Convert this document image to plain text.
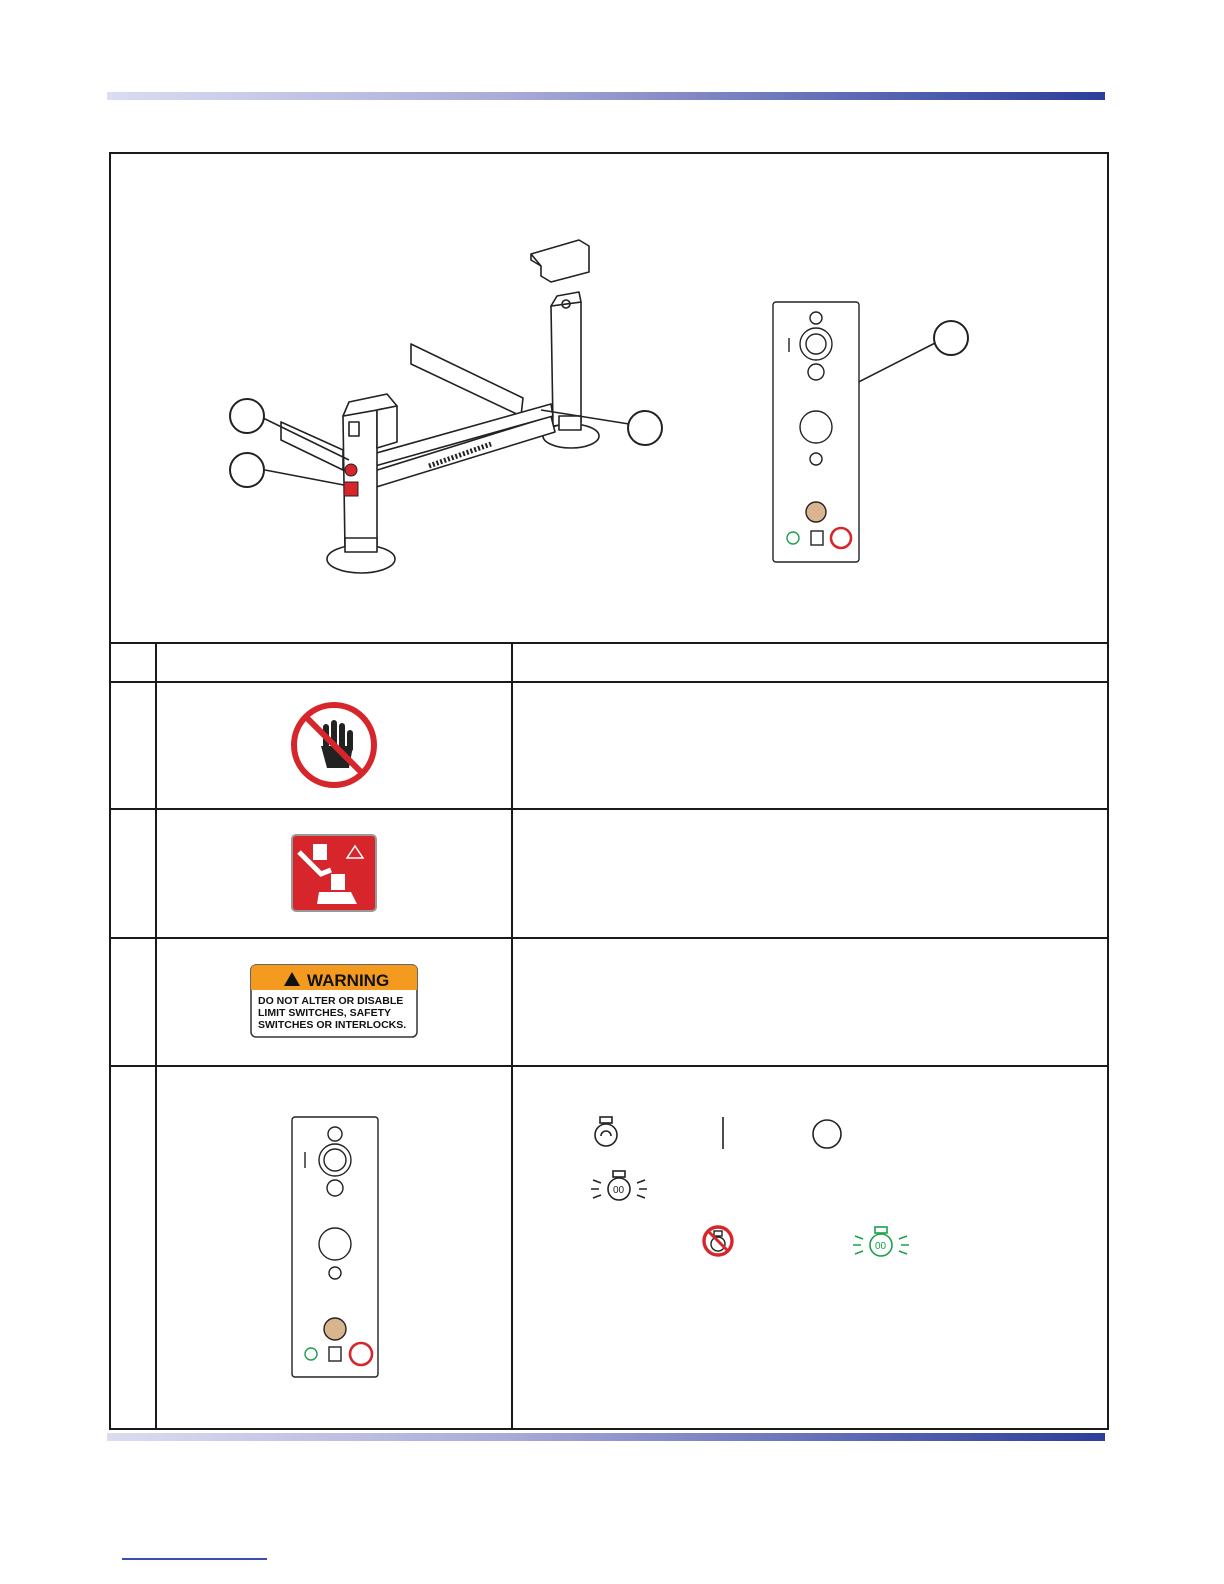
WARNING
DO NOT ALTER OR DISABLE
LIMIT SWITCHES, SAFETY
SWITCHES OR INTERLOCKS.
00
00
